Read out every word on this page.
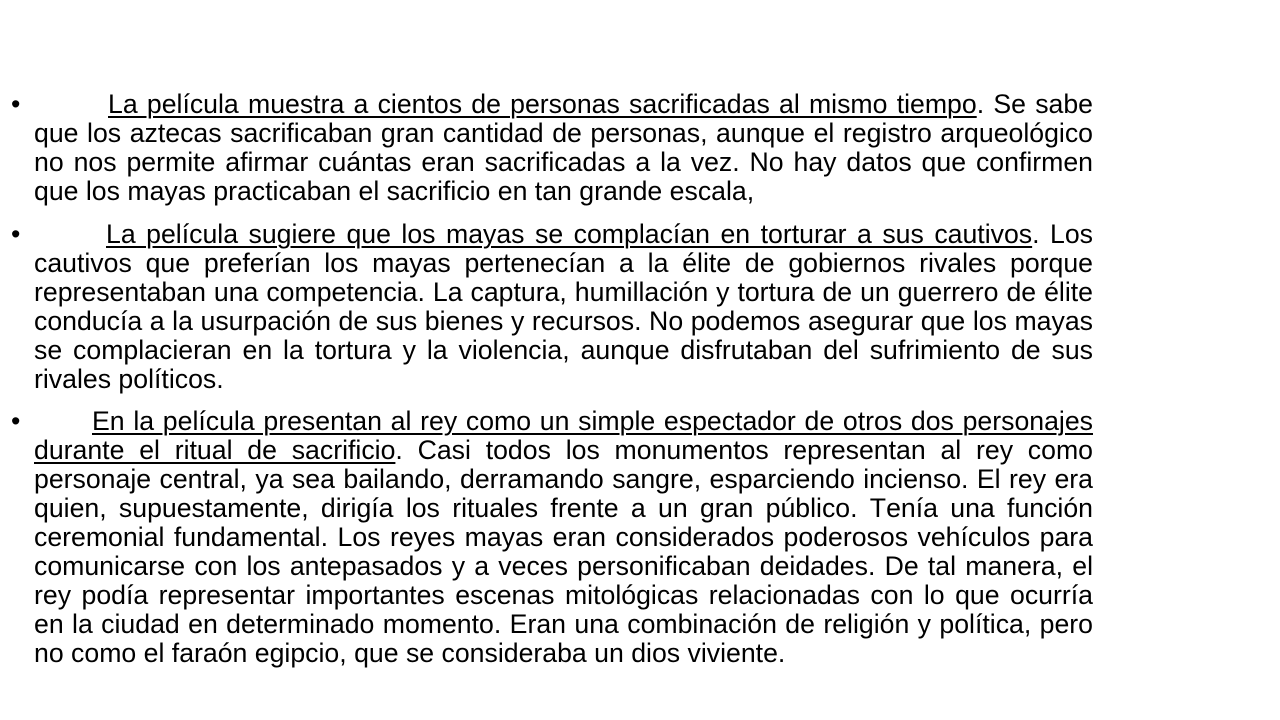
•	La película muestra a cientos de personas sacrificadas al mismo tiempo. Se sabe que los aztecas sacrificaban gran cantidad de personas, aunque el registro arqueológico no nos permite afirmar cuántas eran sacrificadas a la vez. No hay datos que confirmen que los mayas practicaban el sacrificio en tan grande escala,
•	La película sugiere que los mayas se complacían en torturar a sus cautivos. Los cautivos que preferían los mayas pertenecían a la élite de gobiernos rivales porque representaban una competencia. La captura, humillación y tortura de un guerrero de élite conducía a la usurpación de sus bienes y recursos. No podemos asegurar que los mayas se complacieran en la tortura y la violencia, aunque disfrutaban del sufrimiento de sus rivales políticos.
•	En la película presentan al rey como un simple espectador de otros dos personajes durante el ritual de sacrificio. Casi todos los monumentos representan al rey como personaje central, ya sea bailando, derramando sangre, esparciendo incienso. El rey era quien, supuestamente, dirigía los rituales frente a un gran público. Tenía una función ceremonial fundamental. Los reyes mayas eran considerados poderosos vehículos para comunicarse con los antepasados y a veces personificaban deidades. De tal manera, el rey podía representar importantes escenas mitológicas relacionadas con lo que ocurría en la ciudad en determinado momento. Eran una combinación de religión y política, pero no como el faraón egipcio, que se consideraba un dios viviente.
